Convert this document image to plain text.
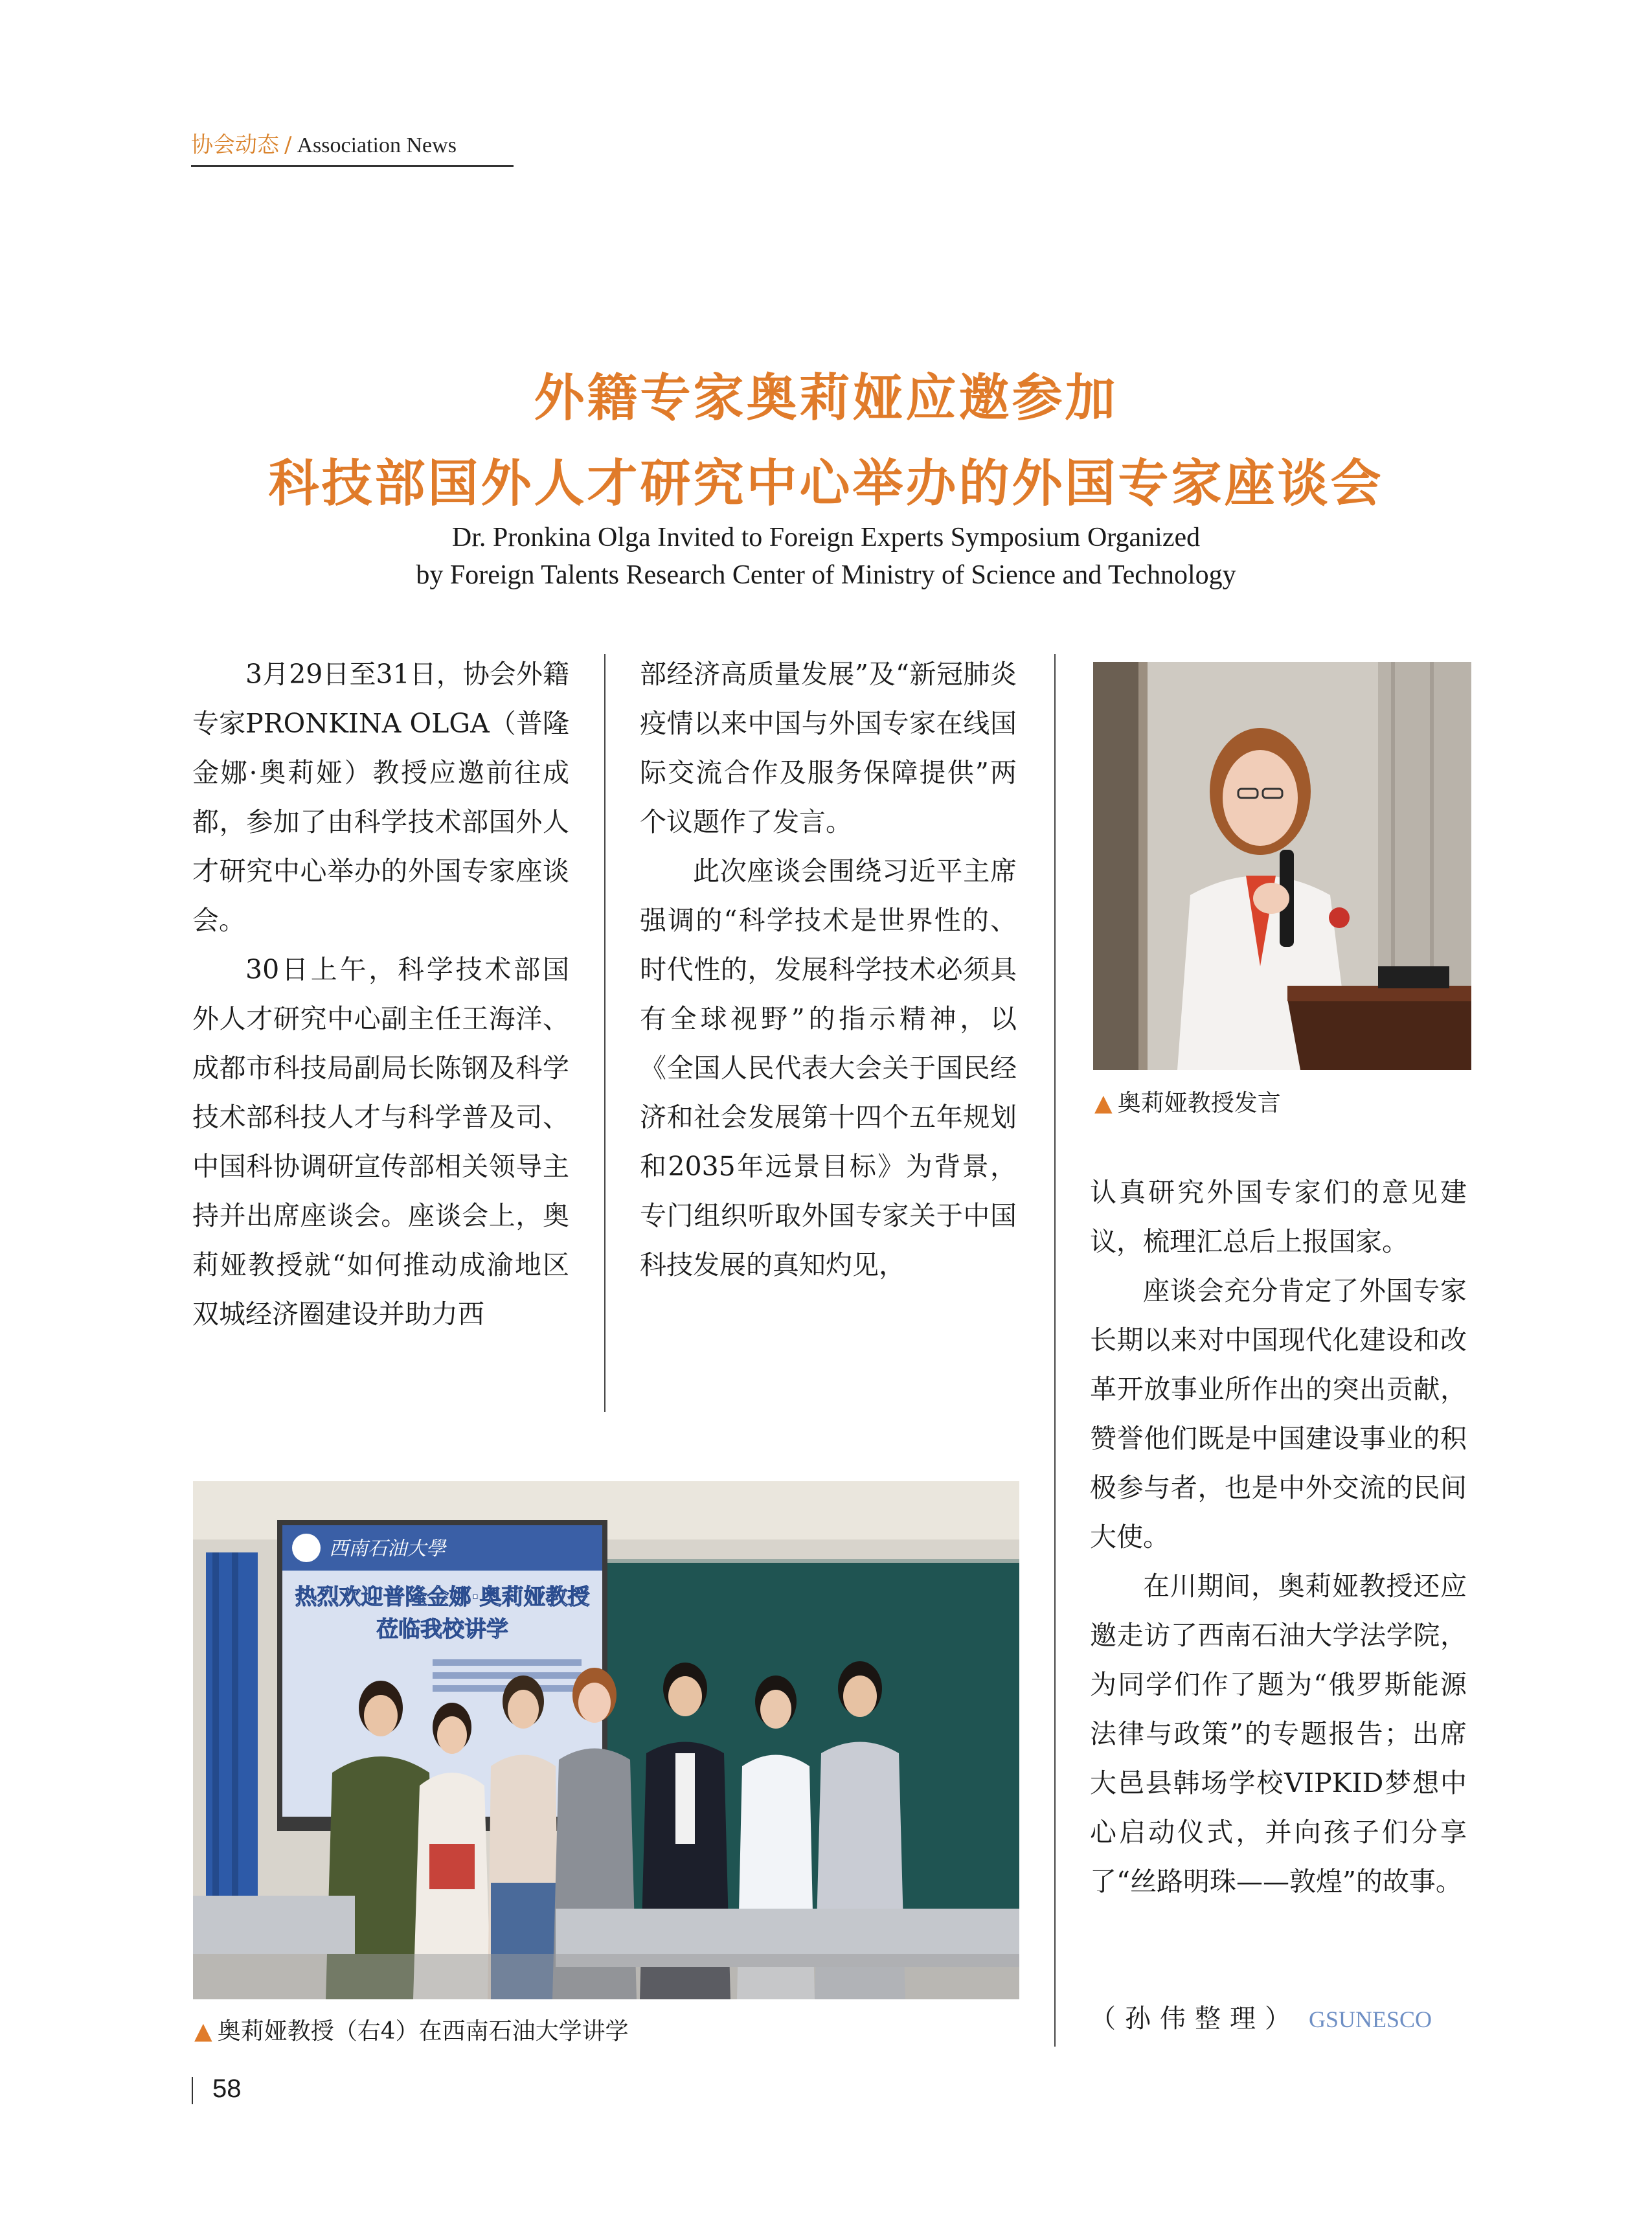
协会动态 / Association News
外籍专家奥莉娅应邀参加
科技部国外人才研究中心举办的外国专家座谈会
Dr. Pronkina Olga Invited to Foreign Experts Symposium Organized
by Foreign Talents Research Center of Ministry of Science and Technology

3月29日至31日，协会外籍专家PRONKINA OLGA（普隆金娜·奥莉娅）教授应邀前往成都，参加了由科学技术部国外人才研究中心举办的外国专家座谈会。

30日上午，科学技术部国外人才研究中心副主任王海洋、成都市科技局副局长陈钢及科学技术部科技人才与科学普及司、中国科协调研宣传部相关领导主持并出席座谈会。座谈会上，奥莉娅教授就“如何推动成渝地区双城经济圈建设并助力西

部经济高质量发展”及“新冠肺炎疫情以来中国与外国专家在线国际交流合作及服务保障提供”两个议题作了发言。

此次座谈会围绕习近平主席强调的“科学技术是世界性的、时代性的，发展科学技术必须具有全球视野”的指示精神，以《全国人民代表大会关于国民经济和社会发展第十四个五年规划和2035年远景目标》为背景，专门组织听取外国专家关于中国科技发展的真知灼见，

▲ 奥莉娅教授发言

认真研究外国专家们的意见建议，梳理汇总后上报国家。

座谈会充分肯定了外国专家长期以来对中国现代化建设和改革开放事业所作出的突出贡献，赞誉他们既是中国建设事业的积极参与者，也是中外交流的民间大使。

在川期间，奥莉娅教授还应邀走访了西南石油大学法学院，为同学们作了题为“俄罗斯能源法律与政策”的专题报告；出席大邑县韩场学校VIPKID梦想中心启动仪式，并向孩子们分享了“丝路明珠——敦煌”的故事。

（孙伟整理） GSUNESCO
西南石油大學
热烈欢迎普隆金娜·奥莉娅教授
莅临我校讲学
▲ 奥莉娅教授（右4）在西南石油大学讲学
58
